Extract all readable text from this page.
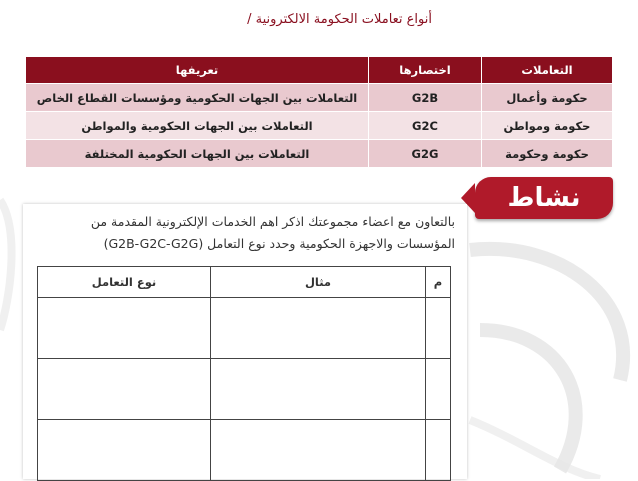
أنواع تعاملات الحكومة الالكترونية /
التعاملات	اختصارها	تعريفها
حكومة وأعمال	G2B	التعاملات بين الجهات الحكومية ومؤسسات القطاع الخاص
حكومة ومواطن	G2C	التعاملات بين الجهات الحكومية والمواطن
حكومة وحكومة	G2G	التعاملات بين الجهات الحكومية المختلفة
نشاط
بالتعاون مع اعضاء مجموعتك اذكر اهم الخدمات الإلكترونية المقدمة من
المؤسسات والاجهزة الحكومية وحدد نوع التعامل (G2B-G2C-G2G)
م	مثال	نوع التعامل
